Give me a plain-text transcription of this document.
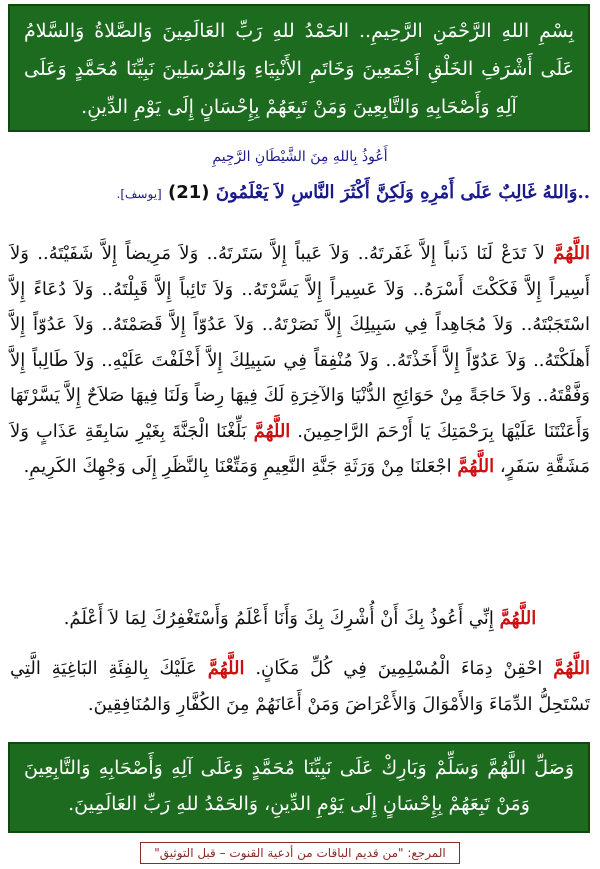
بِسْمِ اللهِ الرَّحْمَنِ الرَّحِيمِ.. الحَمْدُ للهِ رَبِّ العَالَمِينَ وَالصَّلاةُ وَالسَّلامُ عَلَى أَشْرَفِ الخَلْقِ أَجْمَعِينَ وَخَاتَمِ الأَنْبِيَاءِ وَالمُرْسَلِينَ نَبِيِّنَا مُحَمَّدٍ وَعَلَى آلِهِ وَأَصْحَابِهِ وَالتَّابِعِينَ وَمَنْ تَبِعَهُمْ بِإِحْسَانٍ إِلَى يَوْمِ الدِّينِ.
أَعُوذُ بِاللهِ مِنَ الشَّيْطَانِ الرَّجِيمِ
..وَاللهُ غَالِبٌ عَلَى أَمْرِهِ وَلَكِنَّ أَكْثَرَ النَّاسِ لاَ يَعْلَمُونَ (21) [يوسف].
اللَّهُمَّ لاَ تَدَعْ لَنَا ذَنباً إِلاَّ غَفَرتَهُ.. وَلاَ عَيباً إِلاَّ سَتَرتَهُ.. وَلاَ مَرِيضاً إِلاَّ شَفَيْتَهُ.. وَلاَ أَسِيراً إِلاَّ فَكَكْتَ أَسْرَهُ.. وَلاَ عَسِيراً إِلاَّ يَسَّرْتَهُ.. وَلاَ تَائِباً إِلاَّ قَبِلْتَهُ.. وَلاَ دُعَاءً إِلاَّ اسْتَجَبْتَهُ.. وَلاَ مُجَاهِداً فِي سَبِيلِكَ إِلاَّ نَصَرْتَهُ.. وَلاَ عَدُوّاً إِلاَّ قَصَمْتَهُ.. وَلاَ عَدُوّاً إِلاَّ أَهلَكْتَهُ.. وَلاَ عَدُوّاً إِلاَّ أَخَذْتَهُ.. وَلاَ مُنْفِقاً فِي سَبِيلِكَ إِلاَّ أَخْلَفْتَ عَلَيْهِ.. وَلاَ طَالِباً إِلاَّ وَفَّقْتَهُ.. وَلاَ حَاجَةً مِنْ حَوَائِجِ الدُّنْيَا وَالآخِرَةِ لَكَ فِيهَا رِضاً وَلَنَا فِيهَا صَلاَحٌ إِلاَّ يَسَّرْتَهَا وَأَعَنْتَنَا عَلَيْهَا بِرَحْمَتِكَ يَا أَرْحَمَ الرَّاحِمِينَ. اللَّهُمَّ بَلِّغْنَا الْجَنَّةَ بِغَيْرِ سَابِقَةِ عَذَابٍ وَلاَ مَشَقَّةِ سَفَرٍ، اللَّهُمَّ اجْعَلنَا مِنْ وَرَثَةِ جَنَّةِ النَّعِيمِ وَمَتِّعْنَا بِالنَّظَرِ إِلَى وَجْهِكَ الكَرِيمِ.
اللَّهُمَّ إِنِّي أَعُوذُ بِكَ أَنْ أُشْرِكَ بِكَ وَأَنَا أَعْلَمُ وَأَسْتَغْفِرُكَ لِمَا لاَ أَعْلَمُ.
اللَّهُمَّ احْقِنْ دِمَاءَ الْمُسْلِمِينَ فِي كُلِّ مَكَانٍ. اللَّهُمَّ عَلَيْكَ بِالفِئَةِ البَاغِيَةِ الَّتِي تَسْتَحِلُّ الدِّمَاءَ وَالأَمْوَالَ وَالأَعْرَاضَ وَمَنْ أَعَانَهُمْ مِنَ الكُفَّارِ وَالمُنَافِقِينَ.
وَصَلِّ اللَّهُمَّ وَسَلِّمْ وَبَارِكْ عَلَى نَبِيِّنَا مُحَمَّدٍ وَعَلَى آلِهِ وَأَصْحَابِهِ وَالتَّابِعِينَ وَمَنْ تَبِعَهُمْ بِإِحْسَانٍ إِلَى يَوْمِ الدِّينِ، وَالحَمْدُ للهِ رَبِّ العَالَمِينَ.
المرجع: "من قديم الباقات من أدعية القنوت – قبل التوثيق"
